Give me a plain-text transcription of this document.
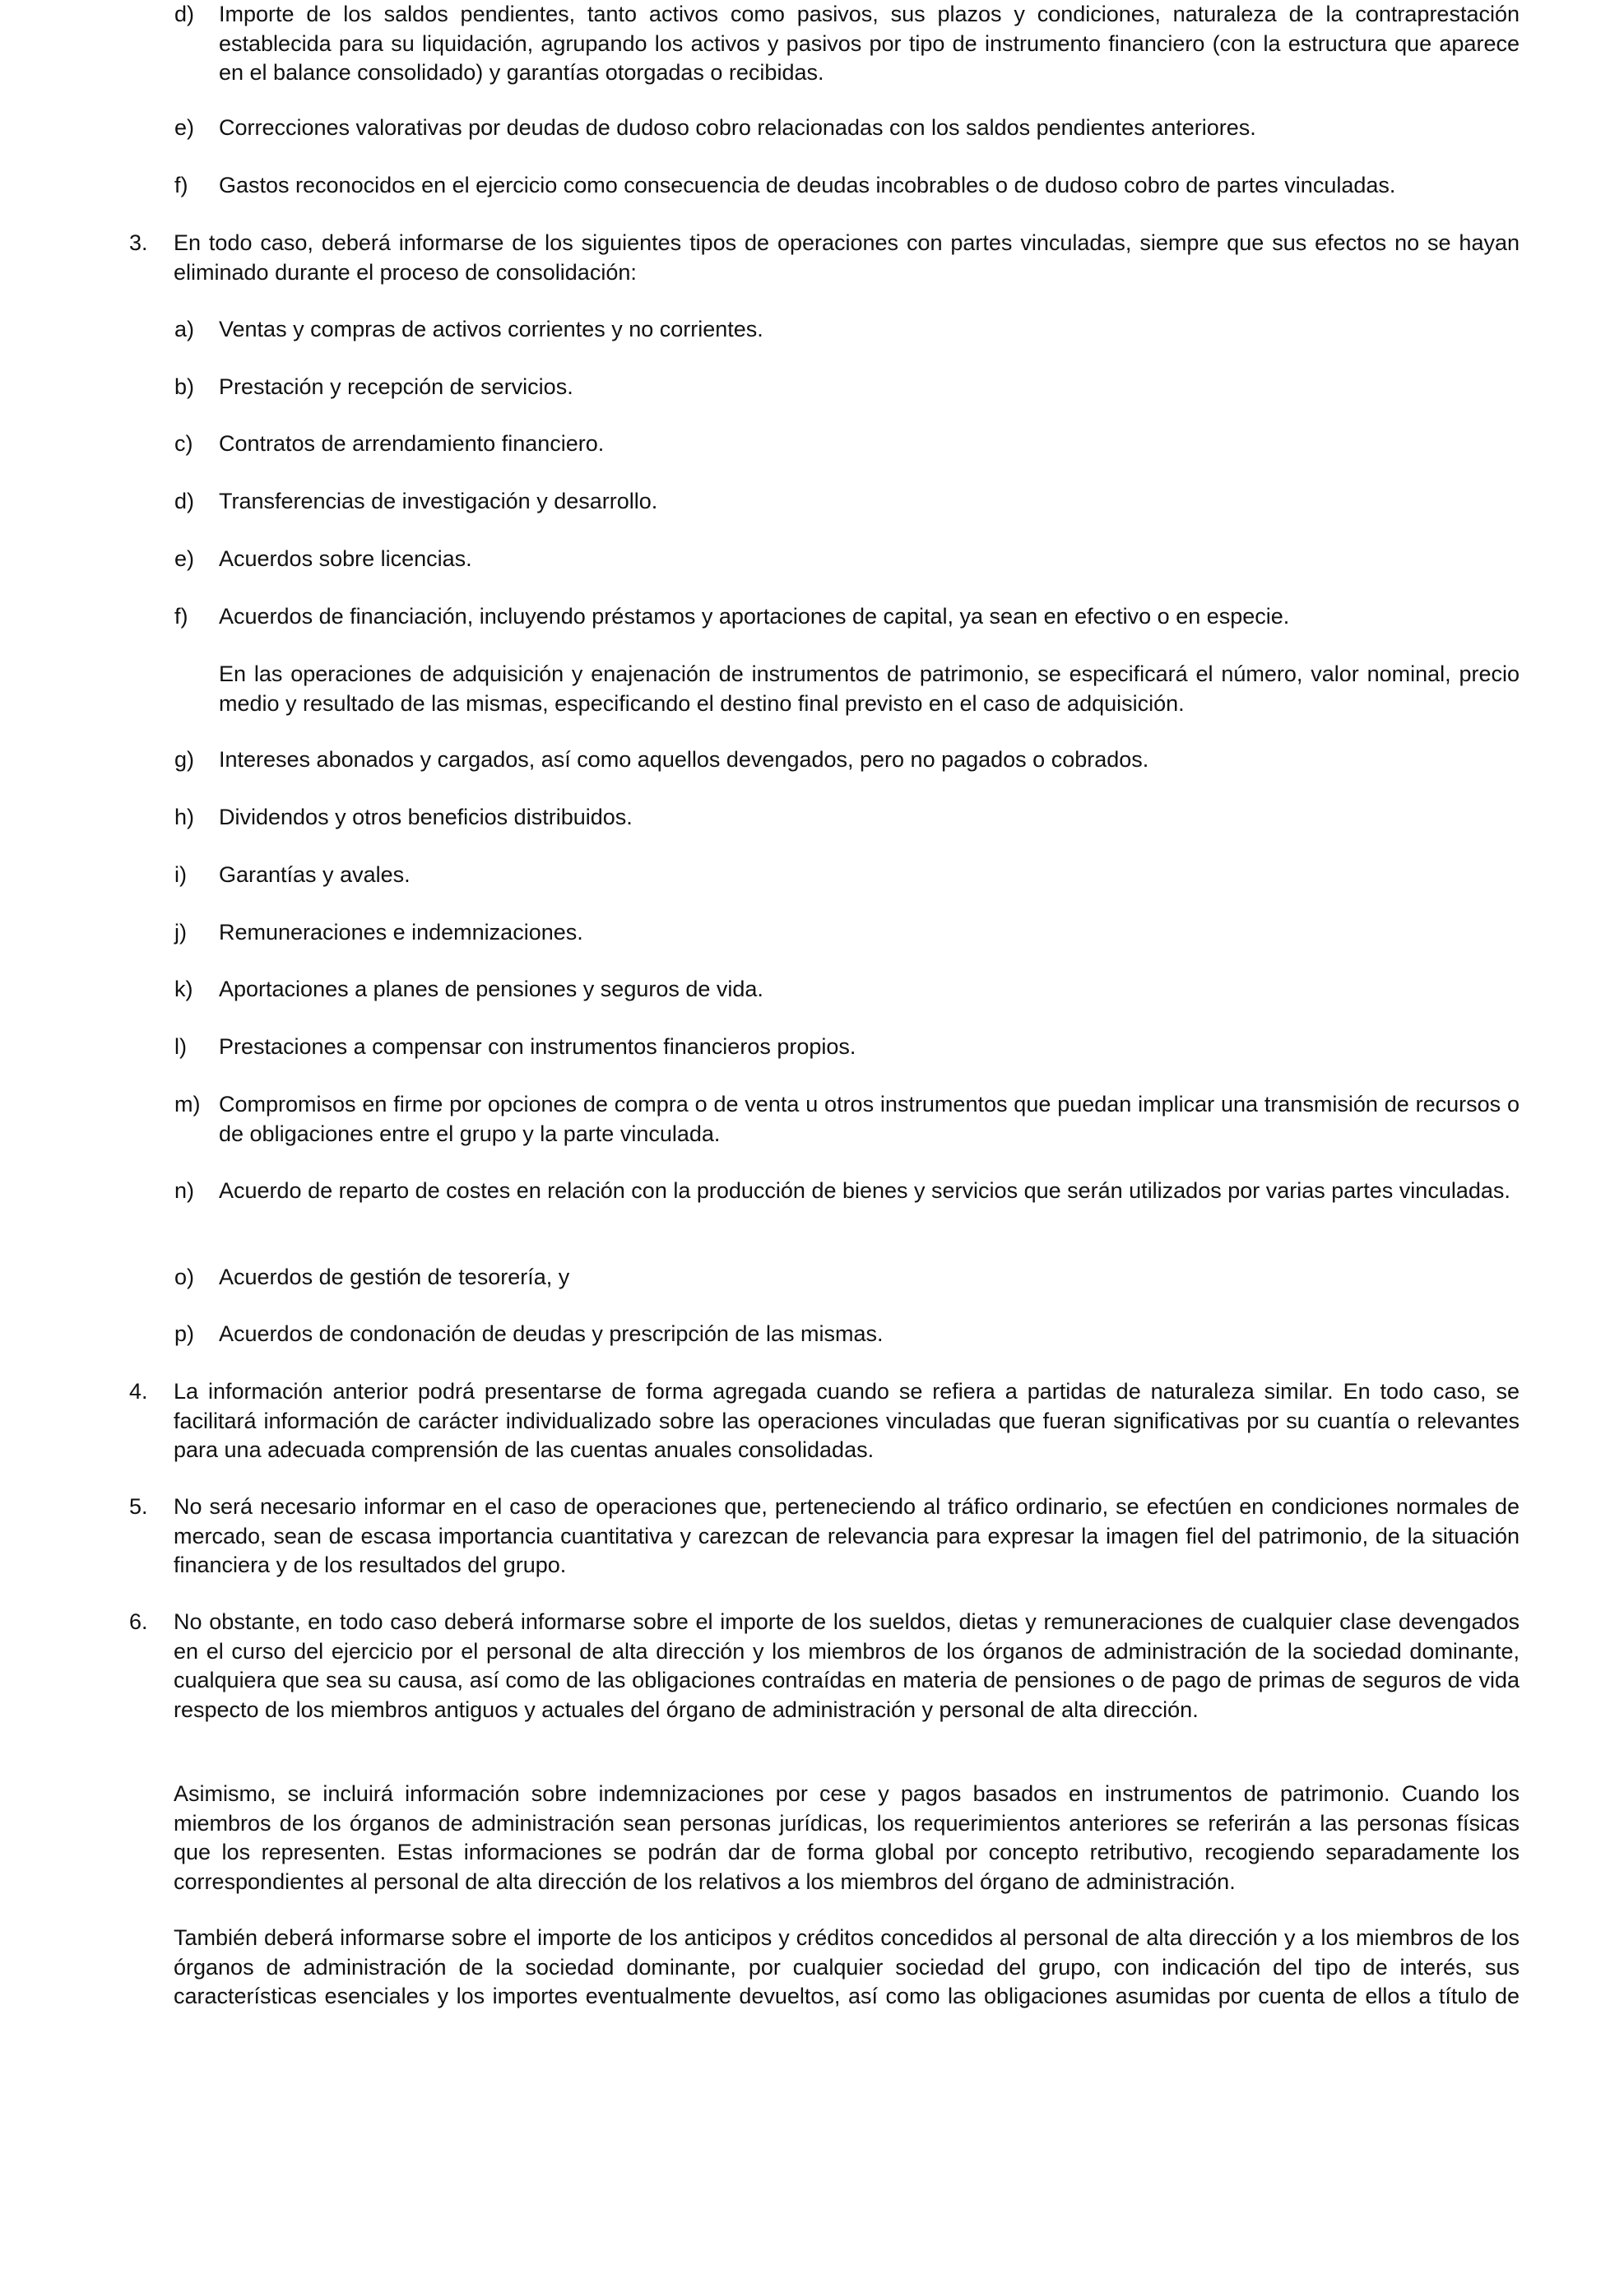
d) Importe de los saldos pendientes, tanto activos como pasivos, sus plazos y condiciones, naturaleza de la contraprestación establecida para su liquidación, agrupando los activos y pasivos por tipo de instrumento financiero (con la estructura que aparece en el balance consolidado) y garantías otorgadas o recibidas.
e) Correcciones valorativas por deudas de dudoso cobro relacionadas con los saldos pendientes anteriores.
f) Gastos reconocidos en el ejercicio como consecuencia de deudas incobrables o de dudoso cobro de partes vinculadas.
3. En todo caso, deberá informarse de los siguientes tipos de operaciones con partes vinculadas, siempre que sus efectos no se hayan eliminado durante el proceso de consolidación:
a) Ventas y compras de activos corrientes y no corrientes.
b) Prestación y recepción de servicios.
c) Contratos de arrendamiento financiero.
d) Transferencias de investigación y desarrollo.
e) Acuerdos sobre licencias.
f) Acuerdos de financiación, incluyendo préstamos y aportaciones de capital, ya sean en efectivo o en especie.
En las operaciones de adquisición y enajenación de instrumentos de patrimonio, se especificará el número, valor nominal, precio medio y resultado de las mismas, especificando el destino final previsto en el caso de adquisición.
g) Intereses abonados y cargados, así como aquellos devengados, pero no pagados o cobrados.
h) Dividendos y otros beneficios distribuidos.
i) Garantías y avales.
j) Remuneraciones e indemnizaciones.
k) Aportaciones a planes de pensiones y seguros de vida.
l) Prestaciones a compensar con instrumentos financieros propios.
m) Compromisos en firme por opciones de compra o de venta u otros instrumentos que puedan implicar una transmisión de recursos o de obligaciones entre el grupo y la parte vinculada.
n) Acuerdo de reparto de costes en relación con la producción de bienes y servicios que serán utilizados por varias partes vinculadas.
o) Acuerdos de gestión de tesorería, y
p) Acuerdos de condonación de deudas y prescripción de las mismas.
4. La información anterior podrá presentarse de forma agregada cuando se refiera a partidas de naturaleza similar. En todo caso, se facilitará información de carácter individualizado sobre las operaciones vinculadas que fueran significativas por su cuantía o relevantes para una adecuada comprensión de las cuentas anuales consolidadas.
5. No será necesario informar en el caso de operaciones que, perteneciendo al tráfico ordinario, se efectúen en condiciones normales de mercado, sean de escasa importancia cuantitativa y carezcan de relevancia para expresar la imagen fiel del patrimonio, de la situación financiera y de los resultados del grupo.
6. No obstante, en todo caso deberá informarse sobre el importe de los sueldos, dietas y remuneraciones de cualquier clase devengados en el curso del ejercicio por el personal de alta dirección y los miembros de los órganos de administración de la sociedad dominante, cualquiera que sea su causa, así como de las obligaciones contraídas en materia de pensiones o de pago de primas de seguros de vida respecto de los miembros antiguos y actuales del órgano de administración y personal de alta dirección.
Asimismo, se incluirá información sobre indemnizaciones por cese y pagos basados en instrumentos de patrimonio. Cuando los miembros de los órganos de administración sean personas jurídicas, los requerimientos anteriores se referirán a las personas físicas que los representen. Estas informaciones se podrán dar de forma global por concepto retributivo, recogiendo separadamente los correspondientes al personal de alta dirección de los relativos a los miembros del órgano de administración.
También deberá informarse sobre el importe de los anticipos y créditos concedidos al personal de alta dirección y a los miembros de los órganos de administración de la sociedad dominante, por cualquier sociedad del grupo, con indicación del tipo de interés, sus características esenciales y los importes eventualmente devueltos, así como las obligaciones asumidas por cuenta de ellos a título de
